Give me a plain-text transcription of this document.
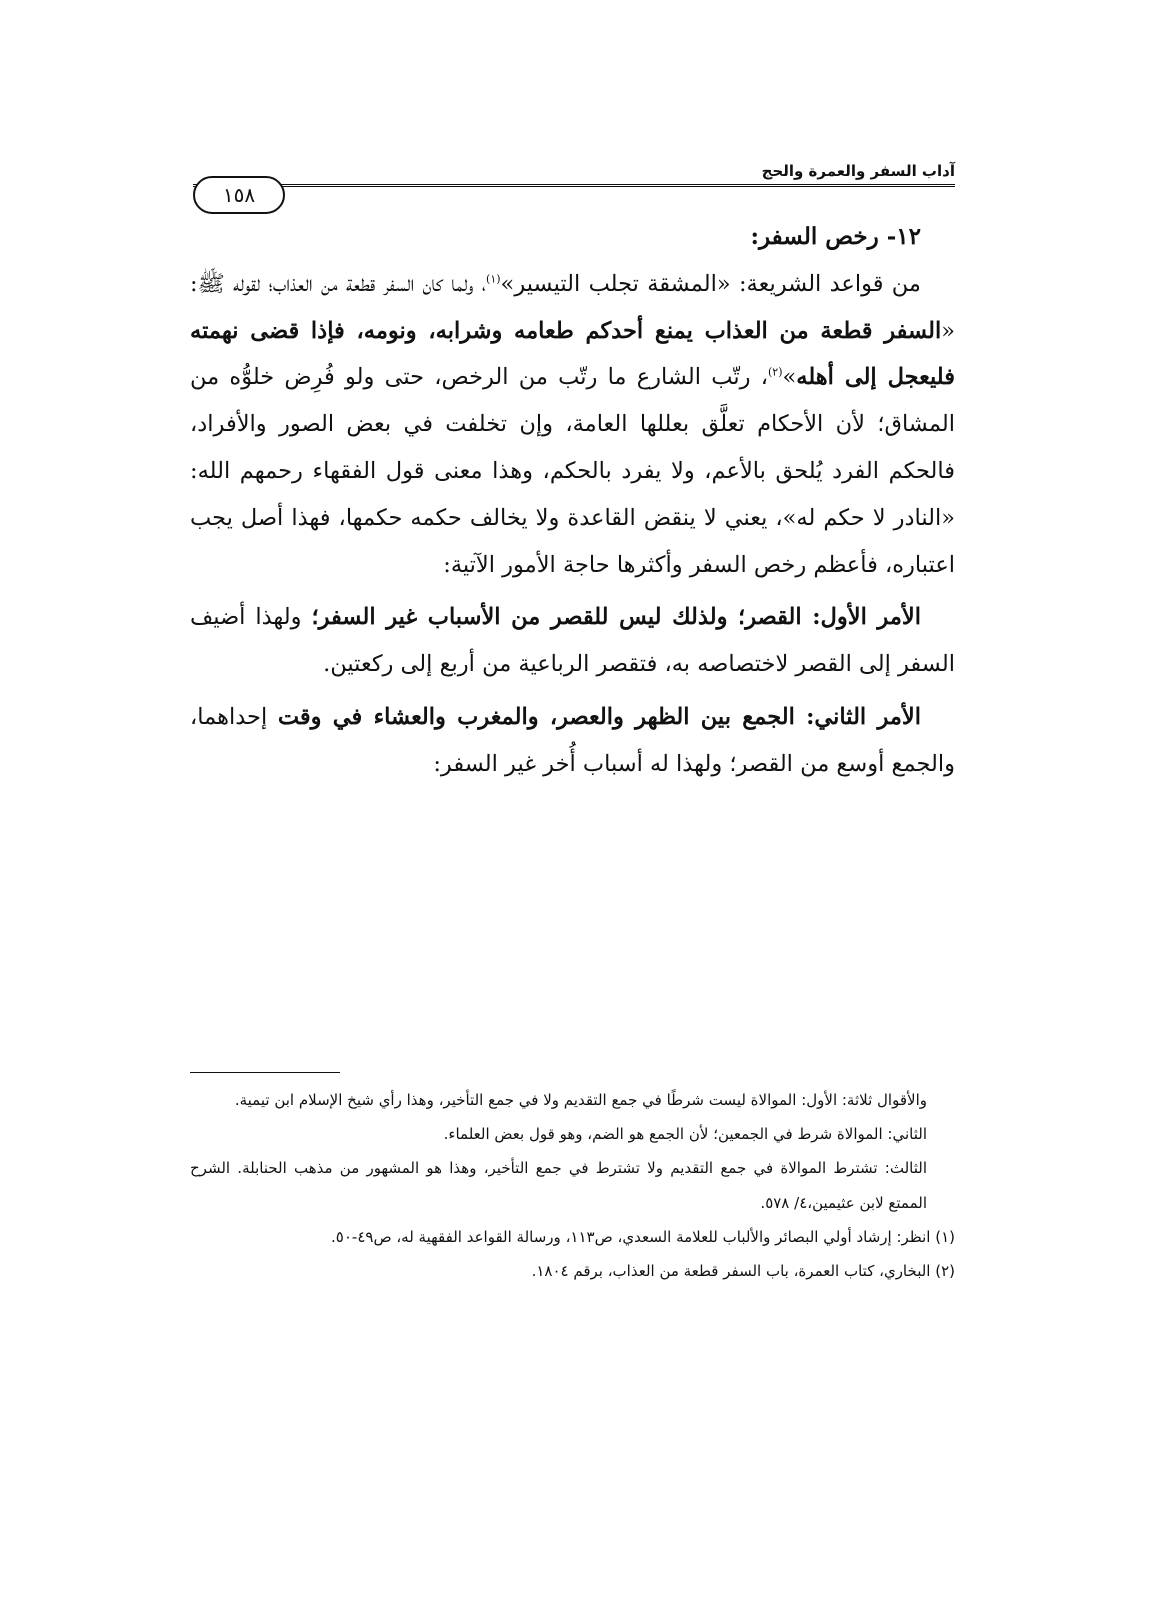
آداب السفر والعمرة والحج
١٥٨

١٢- رخص السفر:

من قواعد الشريعة: «المشقة تجلب التيسير»$^{(١)}$، ولما كان السفر قطعة من العذاب؛ لقوله ﷺ: «السفر قطعة من العذاب يمنع أحدكم طعامه وشرابه، ونومه، فإذا قضى نهمته فليعجل إلى أهله»$^{(٢)}$، رتّب الشارع ما رتّب من الرخص، حتى ولو فُرِض خلوُّه من المشاق؛ لأن الأحكام تعلَّق بعللها العامة، وإن تخلفت في بعض الصور والأفراد، فالحكم الفرد يُلحق بالأعم، ولا يفرد بالحكم، وهذا معنى قول الفقهاء رحمهم الله: «النادر لا حكم له»، يعني لا ينقض القاعدة ولا يخالف حكمه حكمها، فهذا أصل يجب اعتباره، فأعظم رخص السفر وأكثرها حاجة الأمور الآتية:

الأمر الأول: القصر؛ ولذلك ليس للقصر من الأسباب غير السفر؛ ولهذا أضيف السفر إلى القصر لاختصاصه به، فتقصر الرباعية من أربع إلى ركعتين.

الأمر الثاني: الجمع بين الظهر والعصر، والمغرب والعشاء في وقت إحداهما، والجمع أوسع من القصر؛ ولهذا له أسباب أُخر غير السفر:

والأقوال ثلاثة: الأول: الموالاة ليست شرطًا في جمع التقديم ولا في جمع التأخير، وهذا رأي شيخ الإسلام ابن تيمية.

الثاني: الموالاة شرط في الجمعين؛ لأن الجمع هو الضم، وهو قول بعض العلماء.

الثالث: تشترط الموالاة في جمع التقديم ولا تشترط في جمع التأخير، وهذا هو المشهور من مذهب الحنابلة. الشرح الممتع لابن عثيمين،٤/ ٥٧٨.

(١) انظر: إرشاد أولي البصائر والألباب للعلامة السعدي، ص١١٣، ورسالة القواعد الفقهية له، ص٤٩-٥٠.

(٢) البخاري، كتاب العمرة، باب السفر قطعة من العذاب، برقم ١٨٠٤.
